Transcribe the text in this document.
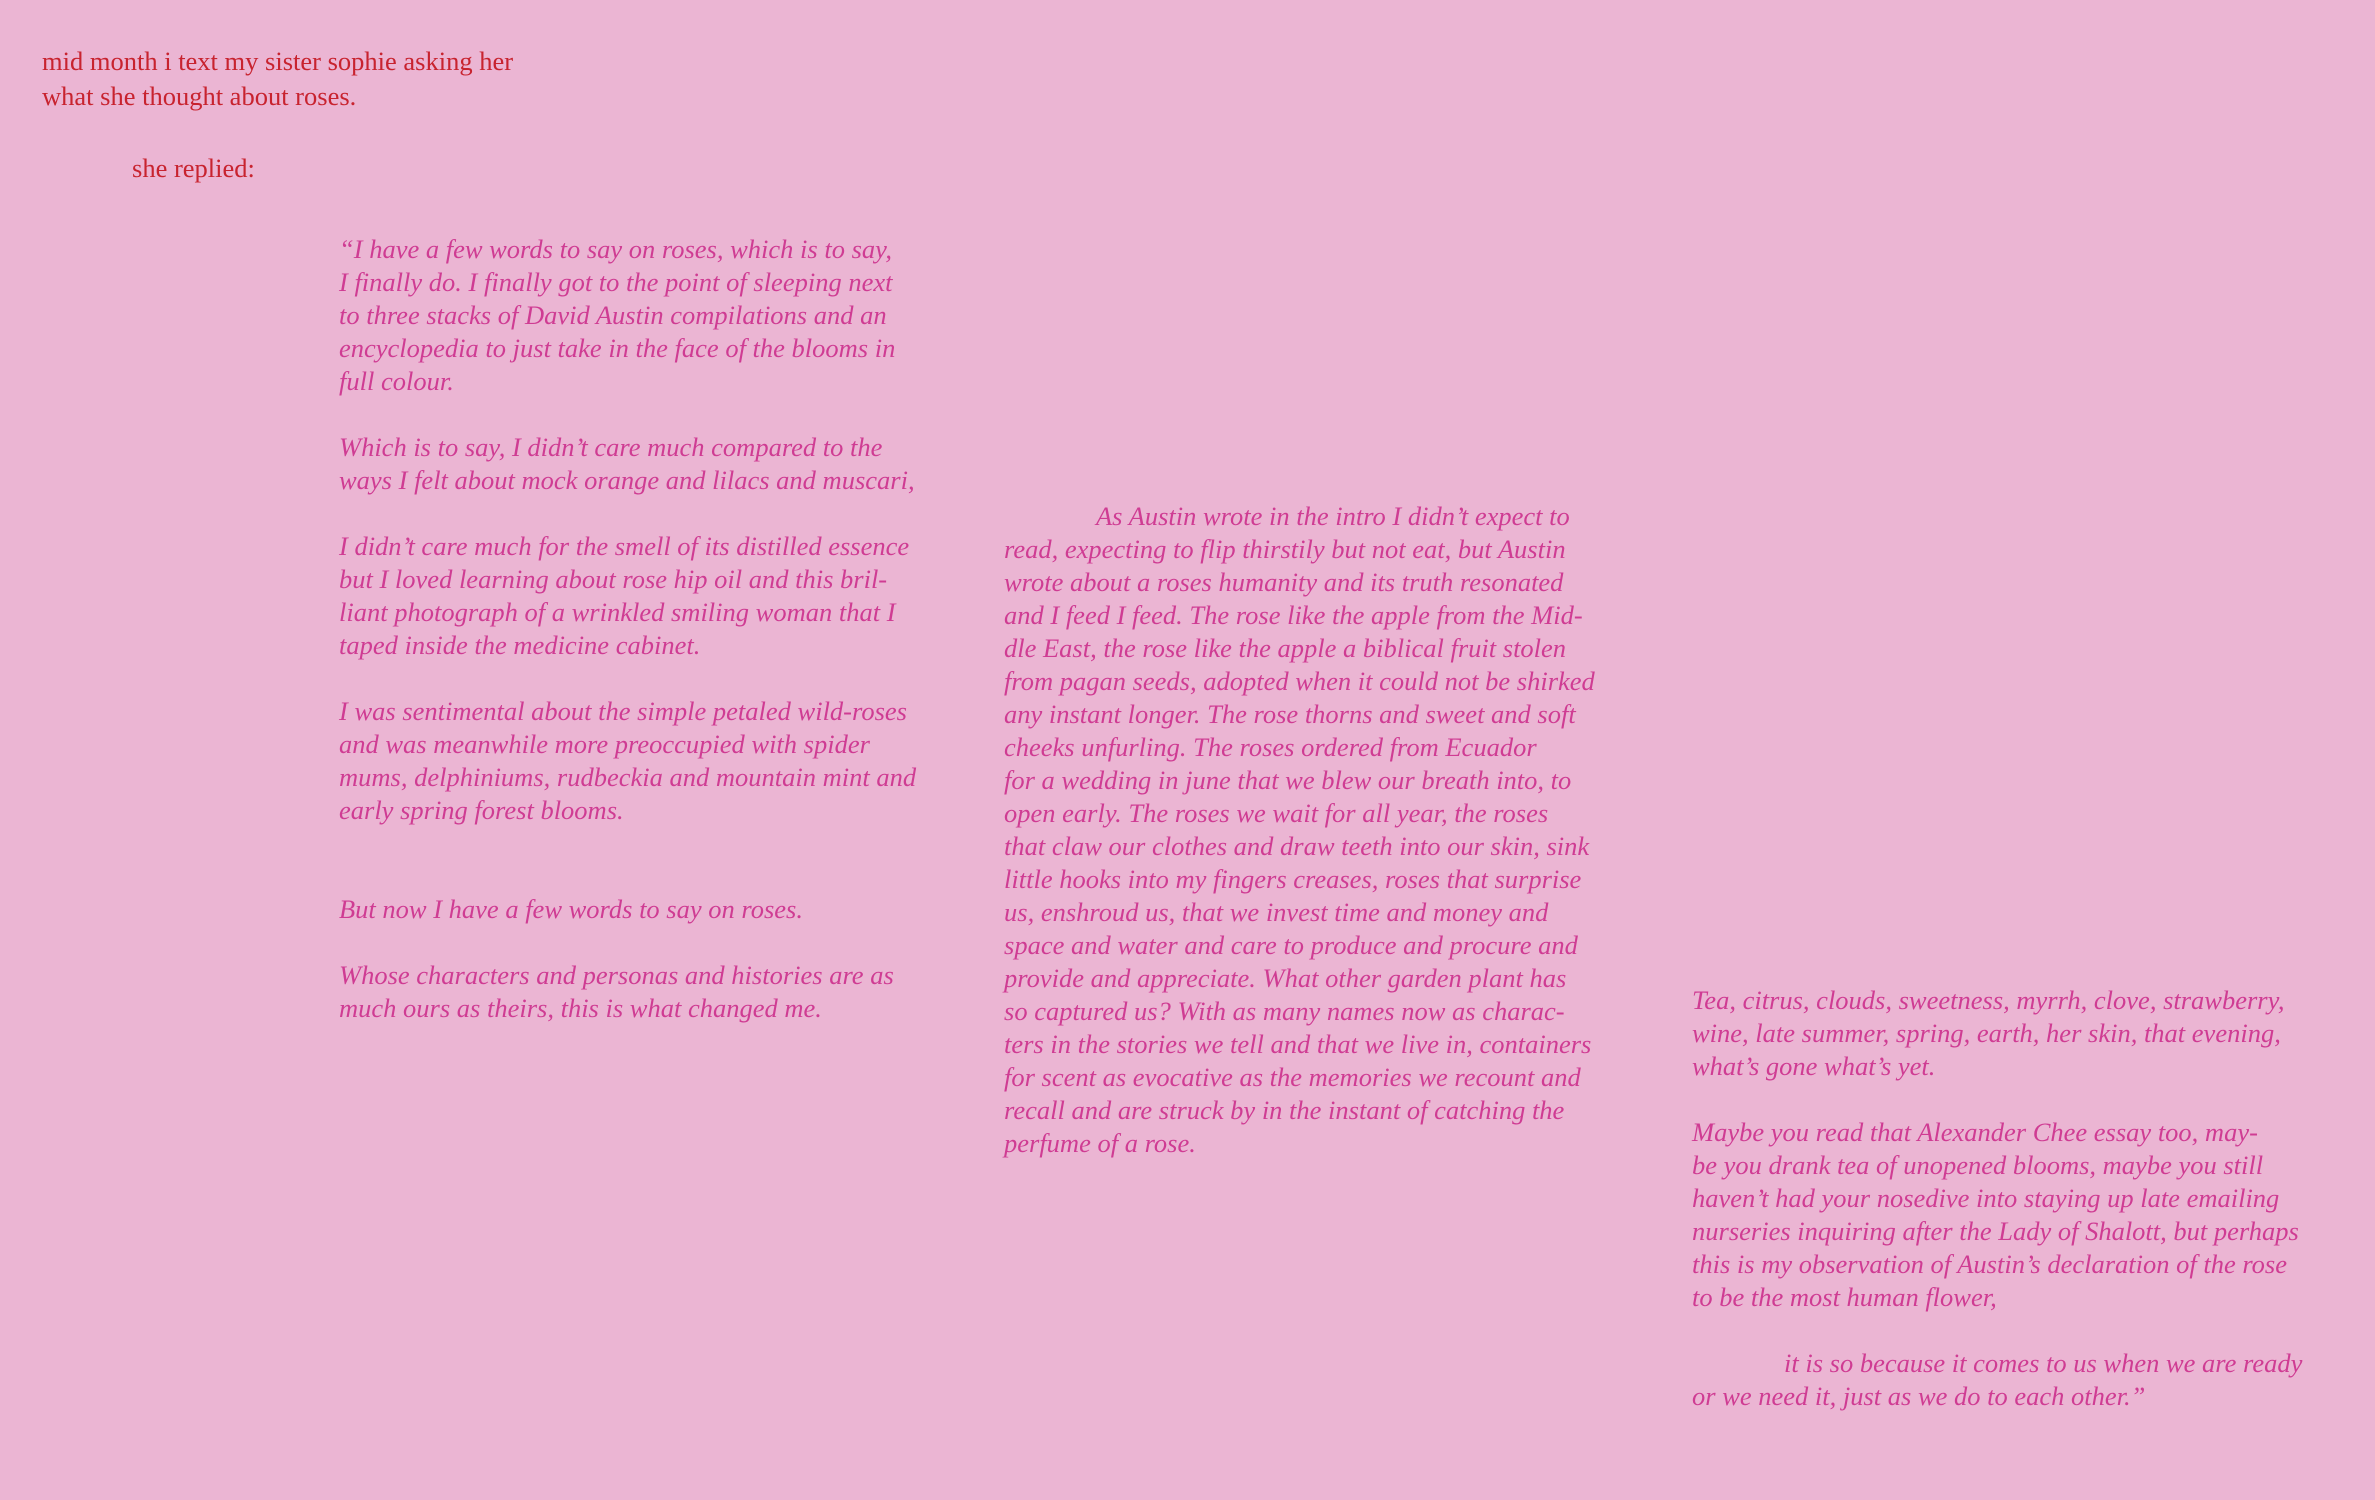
mid month i text my sister sophie asking her

what she thought about roses.

she replied:

“I have a few words to say on roses, which is to say,
I finally do. I finally got to the point of sleeping next
to three stacks of David Austin compilations and an
encyclopedia to just take in the face of the blooms in
full colour.

Which is to say, I didn’t care much compared to the
ways I felt about mock orange and lilacs and muscari,

I didn’t care much for the smell of its distilled essence
but I loved learning about rose hip oil and this bril-
liant photograph of a wrinkled smiling woman that I
taped inside the medicine cabinet.

I was sentimental about the simple petaled wild-roses
and was meanwhile more preoccupied with spider
mums, delphiniums, rudbeckia and mountain mint and
early spring forest blooms.

But now I have a few words to say on roses.

Whose characters and personas and histories are as
much ours as theirs, this is what changed me.

As Austin wrote in the intro I didn’t expect to
read, expecting to flip thirstily but not eat, but Austin
wrote about a roses humanity and its truth resonated
and I feed I feed. The rose like the apple from the Mid-
dle East, the rose like the apple a biblical fruit stolen
from pagan seeds, adopted when it could not be shirked
any instant longer. The rose thorns and sweet and soft
cheeks unfurling. The roses ordered from Ecuador
for a wedding in june that we blew our breath into, to
open early. The roses we wait for all year, the roses
that claw our clothes and draw teeth into our skin, sink
little hooks into my fingers creases, roses that surprise
us, enshroud us, that we invest time and money and
space and water and care to produce and procure and
provide and appreciate. What other garden plant has
so captured us? With as many names now as charac-
ters in the stories we tell and that we live in, containers
for scent as evocative as the memories we recount and
recall and are struck by in the instant of catching the
perfume of a rose.

Tea, citrus, clouds, sweetness, myrrh, clove, strawberry,
wine, late summer, spring, earth, her skin, that evening,
what’s gone what’s yet.

Maybe you read that Alexander Chee essay too, may-
be you drank tea of unopened blooms, maybe you still
haven’t had your nosedive into staying up late emailing
nurseries inquiring after the Lady of Shalott, but perhaps
this is my observation of Austin’s declaration of the rose
to be the most human flower,

it is so because it comes to us when we are ready
or we need it, just as we do to each other.”
